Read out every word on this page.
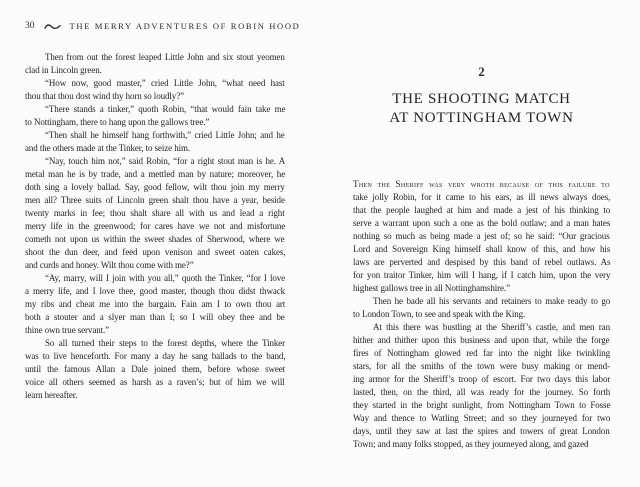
30	THE MERRY ADVENTURES OF ROBIN HOOD
Then from out the forest leaped Little John and six stout yeomen
clad in Lincoln green.
“How now, good master,” cried Little John, “what need hast
thou that thou dost wind thy horn so loudly?”
“There stands a tinker,” quoth Robin, “that would fain take me
to Nottingham, there to hang upon the gallows tree.”
“Then shall he himself hang forthwith,” cried Little John; and he
and the others made at the Tinker, to seize him.
“Nay, touch him not,” said Robin, “for a right stout man is he. A
metal man he is by trade, and a mettled man by nature; moreover, he
doth sing a lovely ballad. Say, good fellow, wilt thou join my merry
men all? Three suits of Lincoln green shalt thou have a year, beside
twenty marks in fee; thou shalt share all with us and lead a right
merry life in the greenwood; for cares have we not and misfortune
cometh not upon us within the sweet shades of Sherwood, where we
shoot the dun deer, and feed upon venison and sweet oaten cakes,
and curds and honey. Wilt thou come with me?”
“Ay, marry, will I join with you all,” quoth the Tinker, “for I love
a merry life, and I love thee, good master, though thou didst thwack
my ribs and cheat me into the bargain. Fain am I to own thou art
both a stouter and a slyer man than I; so I will obey thee and be
thine own true servant.”
So all turned their steps to the forest depths, where the Tinker
was to live henceforth. For many a day he sang ballads to the band,
until the famous Allan a Dale joined them, before whose sweet
voice all others seemed as harsh as a raven’s; but of him we will
learn hereafter.
2
THE SHOOTING MATCH
AT NOTTINGHAM TOWN
Then the Sheriff was very wroth because of this failure to
take jolly Robin, for it came to his ears, as ill news always does,
that the people laughed at him and made a jest of his thinking to
serve a warrant upon such a one as the bold outlaw; and a man hates
nothing so much as being made a jest of; so he said: “Our gracious
Lord and Sovereign King himself shall know of this, and how his
laws are perverted and despised by this band of rebel outlaws. As
for yon traitor Tinker, him will I hang, if I catch him, upon the very
highest gallows tree in all Nottinghamshire.”
Then he bade all his servants and retainers to make ready to go
to London Town, to see and speak with the King.
At this there was bustling at the Sheriff’s castle, and men ran
hither and thither upon this business and upon that, while the forge
fires of Nottingham glowed red far into the night like twinkling
stars, for all the smiths of the town were busy making or mend-
ing armor for the Sheriff’s troop of escort. For two days this labor
lasted, then, on the third, all was ready for the journey. So forth
they started in the bright sunlight, from Nottingham Town to Fosse
Way and thence to Watling Street; and so they journeyed for two
days, until they saw at last the spires and towers of great London
Town; and many folks stopped, as they journeyed along, and gazed
